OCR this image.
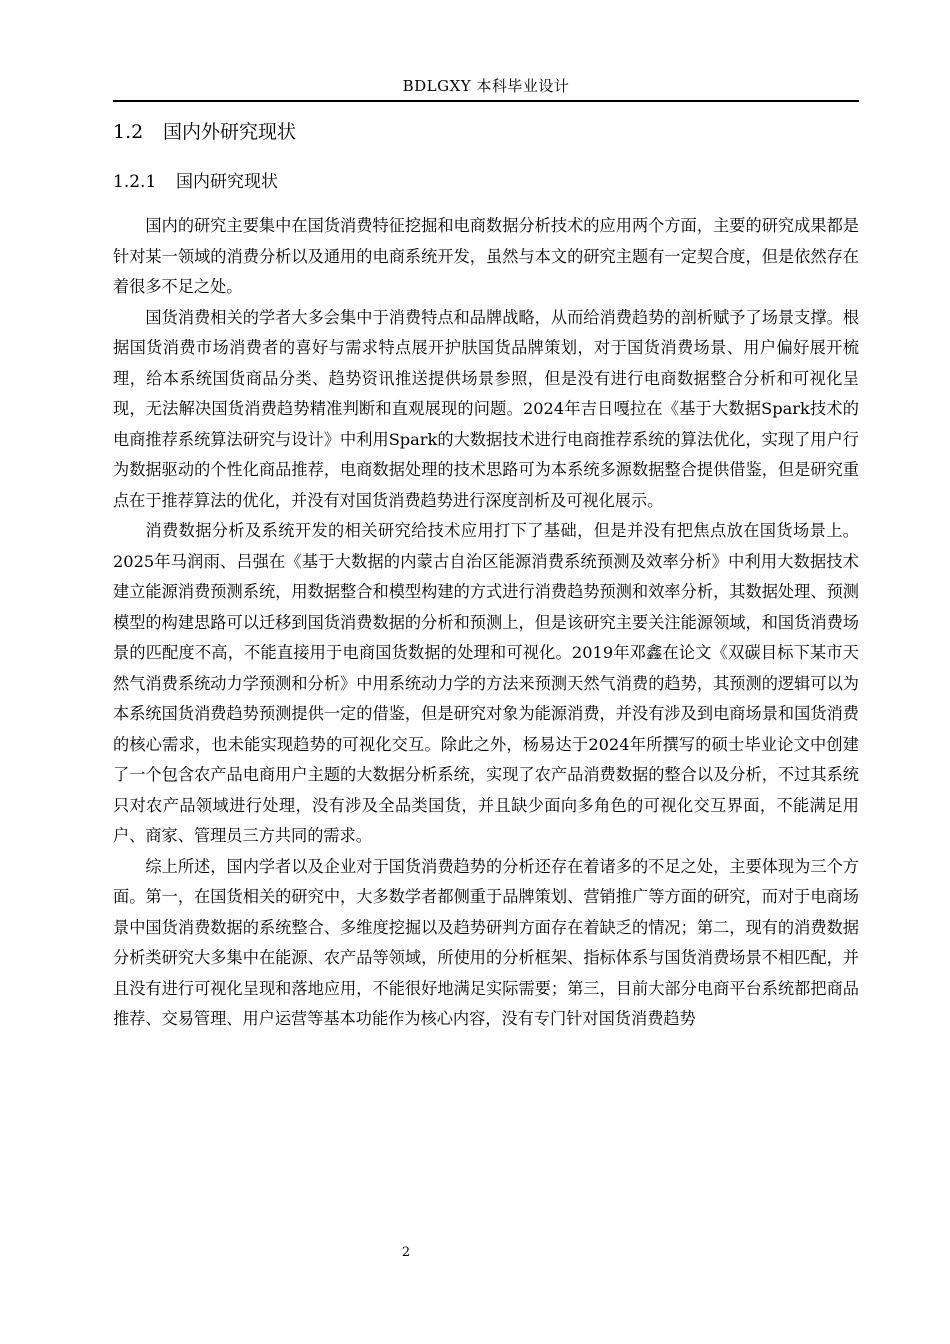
BDLGXY 本科毕业设计
1.2 国内外研究现状
1.2.1 国内研究现状

国内的研究主要集中在国货消费特征挖掘和电商数据分析技术的应用两个方面，主要的研究成果都是针对某一领域的消费分析以及通用的电商系统开发，虽然与本文的研究主题有一定契合度，但是依然存在着很多不足之处。

国货消费相关的学者大多会集中于消费特点和品牌战略，从而给消费趋势的剖析赋予了场景支撑。根据国货消费市场消费者的喜好与需求特点展开护肤国货品牌策划，对于国货消费场景、用户偏好展开梳理，给本系统国货商品分类、趋势资讯推送提供场景参照，但是没有进行电商数据整合分析和可视化呈现，无法解决国货消费趋势精准判断和直观展现的问题。2024年吉日嘎拉在《基于大数据Spark技术的电商推荐系统算法研究与设计》中利用Spark的大数据技术进行电商推荐系统的算法优化，实现了用户行为数据驱动的个性化商品推荐，电商数据处理的技术思路可为本系统多源数据整合提供借鉴，但是研究重点在于推荐算法的优化，并没有对国货消费趋势进行深度剖析及可视化展示。

消费数据分析及系统开发的相关研究给技术应用打下了基础，但是并没有把焦点放在国货场景上。2025年马润雨、吕强在《基于大数据的内蒙古自治区能源消费系统预测及效率分析》中利用大数据技术建立能源消费预测系统，用数据整合和模型构建的方式进行消费趋势预测和效率分析，其数据处理、预测模型的构建思路可以迁移到国货消费数据的分析和预测上，但是该研究主要关注能源领域，和国货消费场景的匹配度不高，不能直接用于电商国货数据的处理和可视化。2019年邓鑫在论文《双碳目标下某市天然气消费系统动力学预测和分析》中用系统动力学的方法来预测天然气消费的趋势，其预测的逻辑可以为本系统国货消费趋势预测提供一定的借鉴，但是研究对象为能源消费，并没有涉及到电商场景和国货消费的核心需求，也未能实现趋势的可视化交互。除此之外，杨易达于2024年所撰写的硕士毕业论文中创建了一个包含农产品电商用户主题的大数据分析系统，实现了农产品消费数据的整合以及分析，不过其系统只对农产品领域进行处理，没有涉及全品类国货，并且缺少面向多角色的可视化交互界面，不能满足用户、商家、管理员三方共同的需求。

综上所述，国内学者以及企业对于国货消费趋势的分析还存在着诸多的不足之处，主要体现为三个方面。第一，在国货相关的研究中，大多数学者都侧重于品牌策划、营销推广等方面的研究，而对于电商场景中国货消费数据的系统整合、多维度挖掘以及趋势研判方面存在着缺乏的情况；第二，现有的消费数据分析类研究大多集中在能源、农产品等领域，所使用的分析框架、指标体系与国货消费场景不相匹配，并且没有进行可视化呈现和落地应用，不能很好地满足实际需要；第三，目前大部分电商平台系统都把商品推荐、交易管理、用户运营等基本功能作为核心内容，没有专门针对国货消费趋势

2
